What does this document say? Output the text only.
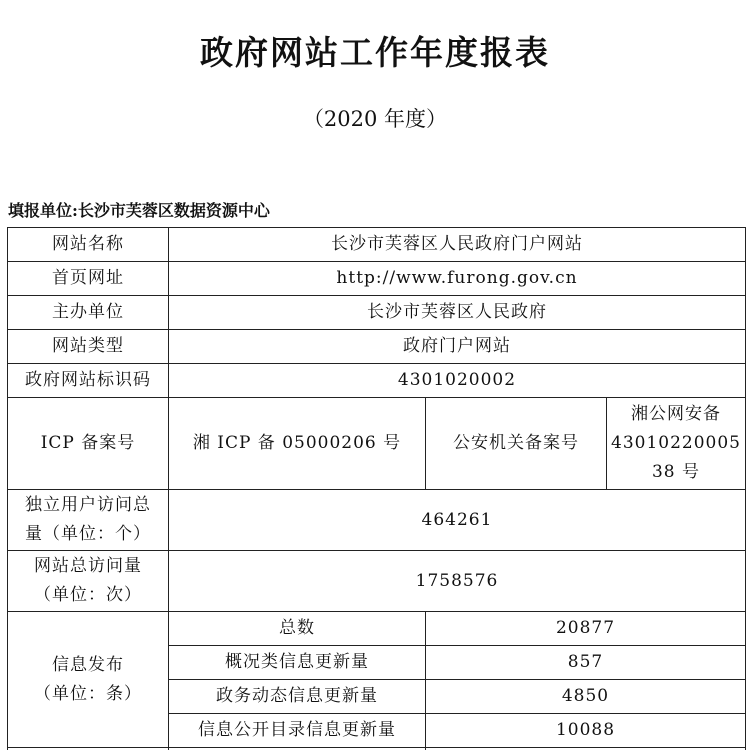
政府网站工作年度报表
（2020 年度）
填报单位:长沙市芙蓉区数据资源中心
网站名称	长沙市芙蓉区人民政府门户网站		
首页网址	http://www.furong.gov.cn		
主办单位	长沙市芙蓉区人民政府		
网站类型	政府门户网站		
政府网站标识码	4301020002		
ICP 备案号	湘 ICP 备 05000206 号	公安机关备案号	湘公网安备
43010220005
38 号

独立用户访问总
量（单位：个）	464261		

网站总访问量
（单位：次）	1758576		

信息发布
（单位：条）	总数	20877	
	概况类信息更新量	857	
	政务动态信息更新量	4850	
	信息公开目录信息更新量	10088	
